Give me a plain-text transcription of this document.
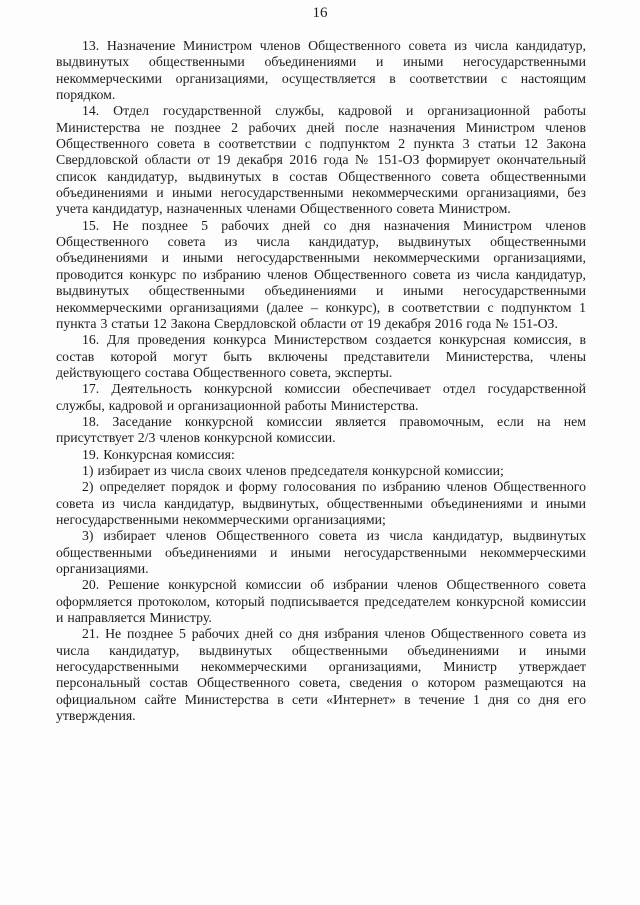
16

13. Назначение Министром членов Общественного совета из числа кандидатур, выдвинутых общественными объединениями и иными негосударственными некоммерческими организациями, осуществляется в соответствии с настоящим порядком.

14. Отдел государственной службы, кадровой и организационной работы Министерства не позднее 2 рабочих дней после назначения Министром членов Общественного совета в соответствии с подпунктом 2 пункта 3 статьи 12 Закона Свердловской области от 19 декабря 2016 года № 151-ОЗ формирует окончательный список кандидатур, выдвинутых в состав Общественного совета общественными объединениями и иными негосударственными некоммерческими организациями, без учета кандидатур, назначенных членами Общественного совета Министром.

15. Не позднее 5 рабочих дней со дня назначения Министром членов Общественного совета из числа кандидатур, выдвинутых общественными объединениями и иными негосударственными некоммерческими организациями, проводится конкурс по избранию членов Общественного совета из числа кандидатур, выдвинутых общественными объединениями и иными негосударственными некоммерческими организациями (далее – конкурс), в соответствии с подпунктом 1 пункта 3 статьи 12 Закона Свердловской области от 19 декабря 2016 года № 151-ОЗ.

16. Для проведения конкурса Министерством создается конкурсная комиссия, в состав которой могут быть включены представители Министерства, члены действующего состава Общественного совета, эксперты.

17. Деятельность конкурсной комиссии обеспечивает отдел государственной службы, кадровой и организационной работы Министерства.

18. Заседание конкурсной комиссии является правомочным, если на нем присутствует 2/3 членов конкурсной комиссии.

19. Конкурсная комиссия:

1) избирает из числа своих членов председателя конкурсной комиссии;

2) определяет порядок и форму голосования по избранию членов Общественного совета из числа кандидатур, выдвинутых, общественными объединениями и иными негосударственными некоммерческими организациями;

3) избирает членов Общественного совета из числа кандидатур, выдвинутых общественными объединениями и иными негосударственными некоммерческими организациями.

20. Решение конкурсной комиссии об избрании членов Общественного совета оформляется протоколом, который подписывается председателем конкурсной комиссии и направляется Министру.

21. Не позднее 5 рабочих дней со дня избрания членов Общественного совета из числа кандидатур, выдвинутых общественными объединениями и иными негосударственными некоммерческими организациями, Министр утверждает персональный состав Общественного совета, сведения о котором размещаются на официальном сайте Министерства в сети «Интернет» в течение 1 дня со дня его утверждения.
